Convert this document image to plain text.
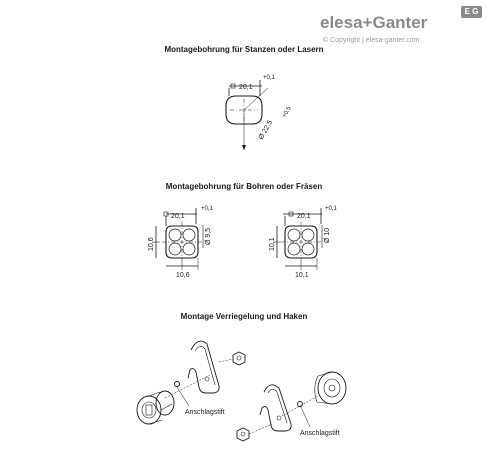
elesa+Ganter
E G
© Copyright | elesa-ganter.com
Montagebohrung für Stanzen oder Lasern
Montagebohrung für Bohren oder Fräsen
Montage Verriegelung und Haken
20,1
+0,1
Ø 22,5
+0,5
20,1
+0,1
Ø 9,5
10,6
10,6
20,1
+0,1
Ø 10
10,1
10,1
Anschlagstift
Anschlagstift
